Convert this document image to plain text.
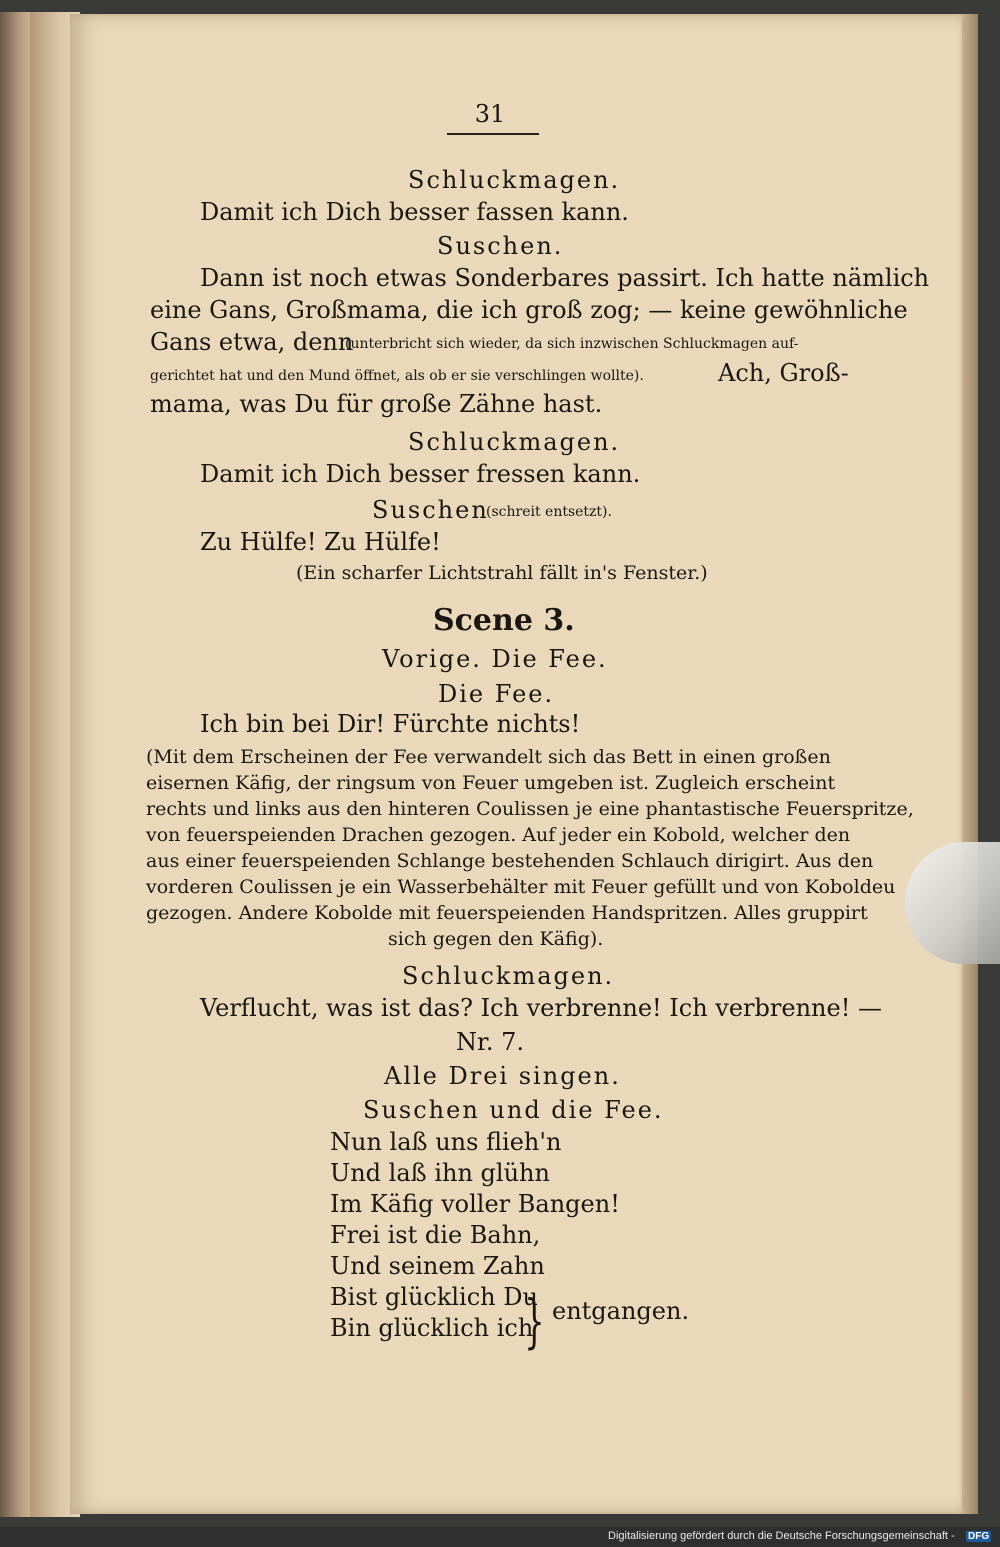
31
Schluckmagen.
Damit ich Dich besser fassen kann.
Suschen.
Dann ist noch etwas Sonderbares passirt. Ich hatte nämlich
eine Gans, Großmama, die ich groß zog; — keine gewöhnliche
Gans etwa, denn
(unterbricht sich wieder, da sich inzwischen Schluckmagen auf-
gerichtet hat und den Mund öffnet, als ob er sie verschlingen wollte).	Ach, Groß-
mama, was Du für große Zähne hast.
Schluckmagen.
Damit ich Dich besser fressen kann.
Suschen
(schreit entsetzt).
Zu Hülfe! Zu Hülfe!
(Ein scharfer Lichtstrahl fällt in's Fenster.)
Scene 3.
Vorige. Die Fee.
Die Fee.
Ich bin bei Dir! Fürchte nichts!
(Mit dem Erscheinen der Fee verwandelt sich das Bett in einen großen
eisernen Käfig, der ringsum von Feuer umgeben ist. Zugleich erscheint
rechts und links aus den hinteren Coulissen je eine phantastische Feuerspritze,
von feuerspeienden Drachen gezogen. Auf jeder ein Kobold, welcher den
aus einer feuerspeienden Schlange bestehenden Schlauch dirigirt. Aus den
vorderen Coulissen je ein Wasserbehälter mit Feuer gefüllt und von Koboldeu
gezogen. Andere Kobolde mit feuerspeienden Handspritzen. Alles gruppirt
sich gegen den Käfig).
Schluckmagen.
Verflucht, was ist das? Ich verbrenne! Ich verbrenne! —
Nr. 7.
Alle Drei singen.
Suschen und die Fee.
Nun laß uns flieh'n
Und laß ihn glühn
Im Käfig voller Bangen!
Frei ist die Bahn,
Und seinem Zahn
Bist glücklich Du
Bin glücklich ich
} entgangen.
Digitalisierung gefördert durch die Deutsche Forschungsgemeinschaft - DFG
